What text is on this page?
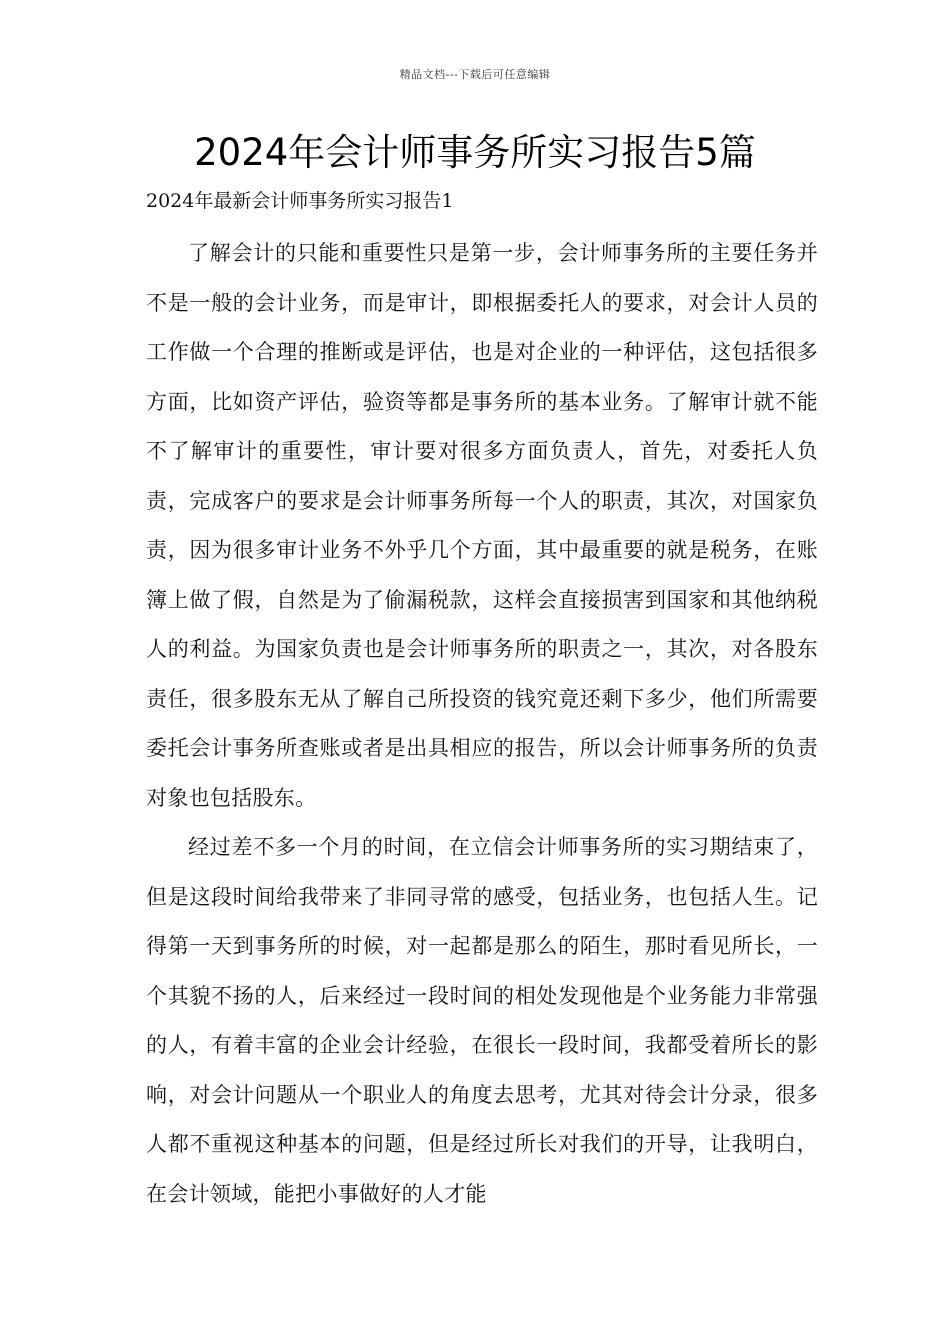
精品文档---下载后可任意编辑
2024年会计师事务所实习报告5篇
2024年最新会计师事务所实习报告1

了解会计的只能和重要性只是第一步，会计师事务所的主要任务并不是一般的会计业务，而是审计，即根据委托人的要求，对会计人员的工作做一个合理的推断或是评估，也是对企业的一种评估，这包括很多方面，比如资产评估，验资等都是事务所的基本业务。了解审计就不能不了解审计的重要性，审计要对很多方面负责人，首先，对委托人负责，完成客户的要求是会计师事务所每一个人的职责，其次，对国家负责，因为很多审计业务不外乎几个方面，其中最重要的就是税务，在账簿上做了假，自然是为了偷漏税款，这样会直接损害到国家和其他纳税人的利益。为国家负责也是会计师事务所的职责之一，其次，对各股东责任，很多股东无从了解自己所投资的钱究竟还剩下多少，他们所需要委托会计事务所查账或者是出具相应的报告，所以会计师事务所的负责对象也包括股东。

经过差不多一个月的时间，在立信会计师事务所的实习期结束了，但是这段时间给我带来了非同寻常的感受，包括业务，也包括人生。记得第一天到事务所的时候，对一起都是那么的陌生，那时看见所长，一个其貌不扬的人，后来经过一段时间的相处发现他是个业务能力非常强的人，有着丰富的企业会计经验，在很长一段时间，我都受着所长的影响，对会计问题从一个职业人的角度去思考，尤其对待会计分录，很多人都不重视这种基本的问题，但是经过所长对我们的开导，让我明白，在会计领域，能把小事做好的人才能
